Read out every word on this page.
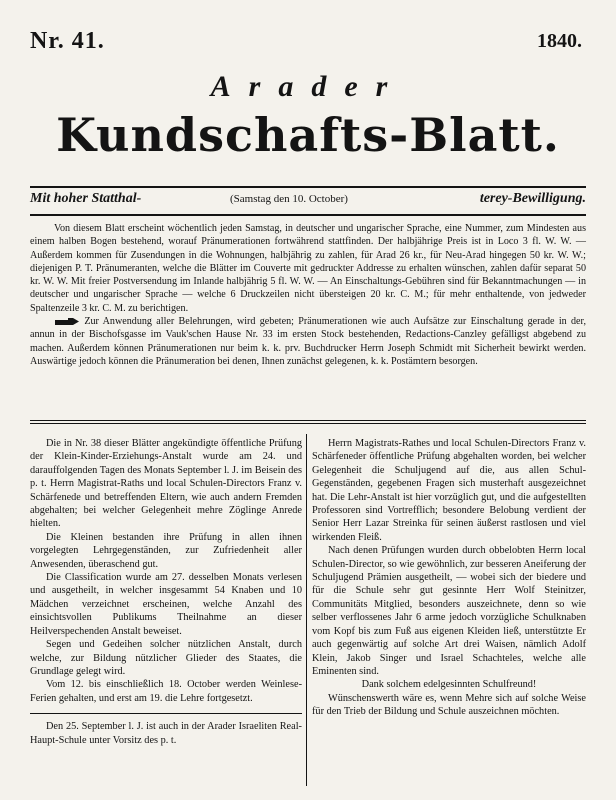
Nr. 41.	1840.
Arader
Kundschafts-Blatt.
Mit hoher Statthal-	(Samstag den 10. October)	terey-Bewilligung.

Von diesem Blatt erscheint wöchentlich jeden Samstag, in deutscher und ungarischer Sprache, eine Nummer, zum Mindesten aus einem halben Bogen bestehend, worauf Pränumerationen fortwährend stattfinden. Der halbjährige Preis ist in Loco 3 fl. W. W. — Außerdem kommen für Zusendungen in die Wohnungen, halbjährig zu zahlen, für Arad 26 kr., für Neu-Arad hingegen 50 kr. W. W.; diejenigen P. T. Pränumeranten, welche die Blätter im Couverte mit gedruckter Addresse zu erhalten wünschen, zahlen dafür separat 50 kr. W. W. Mit freier Postversendung im Inlande halbjährig 5 fl. W. W. — An Einschaltungs-Gebühren sind für Bekanntmachungen — in deutscher und ungarischer Sprache — welche 6 Druckzeilen nicht übersteigen 20 kr. C. M.; für mehr enthaltende, von jedweder Spaltenzeile 3 kr. C. M. zu berichtigen.

Zur Anwendung aller Belehrungen, wird gebeten; Pränumerationen wie auch Aufsätze zur Einschaltung gerade in der, annun in der Bischofsgasse im Vauk'schen Hause Nr. 33 im ersten Stock bestehenden, Redactions-Canzley gefälligst abgebend zu machen. Außerdem können Pränumerationen nur beim k. k. prv. Buchdrucker Herrn Joseph Schmidt mit Sicherheit bewirkt werden. Auswärtige jedoch können die Pränumeration bei denen, Ihnen zunächst gelegenen, k. k. Postämtern besorgen.

Die in Nr. 38 dieser Blätter angekündigte öffentliche Prüfung der Klein-Kinder-Erziehungs-Anstalt wurde am 24. und darauffolgenden Tagen des Monats September l. J. im Beisein des p. t. Herrn Magistrat-Raths und local Schulen-Directors Franz v. Schärfenede und betreffenden Eltern, wie auch andern Fremden abgehalten; bei welcher Gelegenheit mehre Zöglinge Anrede hielten.

Die Kleinen bestanden ihre Prüfung in allen ihnen vorgelegten Lehrgegenständen, zur Zufriedenheit aller Anwesenden, überaschend gut.

Die Classification wurde am 27. desselben Monats verlesen und ausgetheilt, in welcher insgesammt 54 Knaben und 10 Mädchen verzeichnet erscheinen, welche Anzahl des einsichtsvollen Publikums Theilnahme an dieser Heilverspechenden Anstalt beweiset.

Segen und Gedeihen solcher nützlichen Anstalt, durch welche, zur Bildung nützlicher Glieder des Staates, die Grundlage gelegt wird.

Vom 12. bis einschließlich 18. October werden Weinlese-Ferien gehalten, und erst am 19. die Lehre fortgesetzt.

Den 25. September l. J. ist auch in der Arader Israeliten Real-Haupt-Schule unter Vorsitz des p. t.

Herrn Magistrats-Rathes und local Schulen-Directors Franz v. Schärfeneder öffentliche Prüfung abgehalten worden, bei welcher Gelegenheit die Schuljugend auf die, aus allen Schul-Gegenständen, gegebenen Fragen sich musterhaft ausgezeichnet hat. Die Lehr-Anstalt ist hier vorzüglich gut, und die aufgestellten Professoren sind Vortrefflich; besondere Belobung verdient der Senior Herr Lazar Streinka für seinen äußerst rastlosen und viel wirkenden Fleiß.

Nach denen Prüfungen wurden durch obbelobten Herrn local Schulen-Director, so wie gewöhnlich, zur besseren Aneiferung der Schuljugend Prämien ausgetheilt, — wobei sich der biedere und für die Schule sehr gut gesinnte Herr Wolf Steinitzer, Communitäts Mitglied, besonders auszeichnete, denn so wie selber verflossenes Jahr 6 arme jedoch vorzügliche Schulknaben vom Kopf bis zum Fuß aus eigenen Kleiden ließ, unterstützte Er auch gegenwärtig auf solche Art drei Waisen, nämlich Adolf Klein, Jakob Singer und Israel Schachteles, welche alle Eminenten sind.

Dank solchem edelgesinnten Schulfreund!

Wünschenswerth wäre es, wenn Mehre sich auf solche Weise für den Trieb der Bildung und Schule auszeichnen möchten.
